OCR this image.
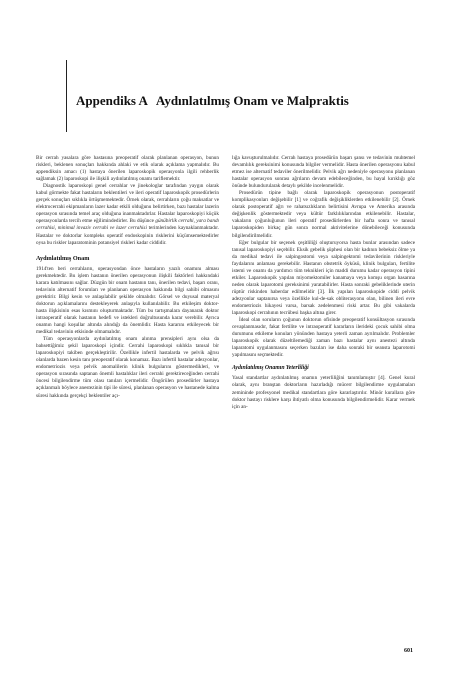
Appendiks A Aydınlatılmış Onam ve Malpraktis

Bir cerrah yasalara göre hastasına preoperatif olarak planlanan operasyon, bunun riskleri, beklenen sonuçları hakkında ahlaki ve etik olarak açıklama yapmalıdır. Bu appendiksin amacı (1) hastaya önerilen laparoskopik operasyonla ilgili rehberlik sağlamak (2) laparoskopi ile ilişkili aydınlatılmış onamı tariflemektir.

Diagnostik laparoskopi genel cerrahlar ve jinekologlar tarafından yaygın olarak kabul görmekte fakat hastaların beklentileri ve ileri operatif laparoskopik prosedürlerin gerçek sonuçları sıklıkla örtüşmemektedir. Örnek olarak, cerrahların çoğu maksatlar ve elektrocerrahi ekipmanların lazer kadar etkili olduğunu belirtirken, bazı hastalar lazerin operasyon sırasında temel araç olduğuna inanmaktadırlar. Hastalar laparoskopiyi küçük operasyonlarda tercih etme eğilimindedirler. Bu düşünce günübirlik cerrahi, yara bandı cerrahisi, minimal invaziv cerrahi ve lazer cerrahisi terimlerinden kaynaklanmaktadır. Hastalar ve doktorlar kompleks operatif endoskopinin risklerini küçümsemektedirler oysa bu riskler laparatominin potansiyel riskleri kadar ciddidir.

Aydınlatılmış Onam

1914'ten beri cerrahların, operasyondan önce hastaların yazılı onamını alması gerekmektedir. Bu işlem hastanın önerilen operasyonun ilişkili faktörleri hakkındaki karara katılmasını sağlar. Düzgün bir onam hastanın tanı, önerilen tedavi, başarı oranı, tedavinin alternatif forumları ve planlanan operasyon hakkında bilgi sahibi olmasını gerektirir. Bilgi kesin ve anlaşılabilir şekilde olmalıdır. Görsel ve duyusal materyal doktorun açıklamalarını destekleyerek anlaşıyla kullanılabilir. Bu etkileşim doktor-hasta ilişkisinin esas kısmını oluşturmaktadır. Tüm bu tartışmalara dayanarak doktor intraoperatif olarak hastanın hedefi ve istekleri doğrultusunda karar verebilir. Ayrıca onamın hangi koşullar altında alındığı da önemlidir. Hasta kararını etkileyecek bir medikal tedavinin etkisinde olmamalıdır.

Tüm operasyonlarda aydınlatılmış onam alınma prensipleri aynı olsa da bahsettiğimiz şekil laparoskopi içindir. Cerrahi laparoskopi sıklıkla tanısal bir laparoskopiyi takiben gerçekleştirilir. Özellikle infertil hastalarda ve pelvik ağrısı olanlarda bazen kesin tanı preoperatif olarak konamaz. Bazı infertil hastalar adezyonlar, endometriozis veya pelvik anomalilerin klinik bulgularını göstermedikleri, ve operasyon sırasında saptanan önemli hastalıklar ileri cerrahi gerektireceğinden cerrahi öncesi bilgilendirme tüm olası tanıları içermelidir. Öngörülen prosedürler hastaya açıklanmalı böylece anestezinin tipi ile süresi, planlanan operasyon ve hastanede kalma süresi hakkında gerçekçi beklentiler açı-

lığa kavuşturulmalıdır. Cerrah hastaya prosedürün başarı şansı ve tedavinin muhtemel devamlılık gereksinimi konusunda bilgiler vermelidir. Hasta önerilen operasyonu kabul etmez ise alternatif tedaviler önerilmelidir. Pelvik ağrı nedeniyle operasyonu planlanan hastalar operasyon sonrası ağrıların devam edebileceğinden, bu hayal kırıklığı göz önünde bulundurularak detaylı şekilde incelenmelidir.

Prosedürün tipine bağlı olarak laparoskopik operasyonun postoperatif komplikasyonları değişebilir [1] ve coğrafik değişikliklerden etkilenebilir [2]. Örnek olarak postoperatif ağrı ve rahatsızlıkların belirtisini Avrupa ve Amerika arasında değişkenlik göstermektedir veya kültür farklılıklarından etkilenebilir. Hastalar, vakaların çoğunluğunun ileri operatif prosedürlerden bir hafta sonra ve tanısal laparoskopiden birkaç gün sonra normal aktivitelerine dönebileceği konusunda bilgilendirilmelidir.

Eğer bulgular bir seçenek çeşitliliği oluşturuyorsa hasta bunlar arasından sadece tanısal laparoskopiyi seçebilir. Eksik gebelik şüphesi olan bir kadının bebeksiz ölme ya da medikal tedavi ile salpingostomi veya salpingektomi tedavilerinin riskleriyle faydalarını anlaması gerekebilir. Hastanın obstetrik öyküsü, klinik bulguları, fertilite istemi ve onamı da yardımcı tüm teknikleri için maddi durumu kadar operasyon tipini etkiler. Laparoskopik yapılan miyomektomiler kanamaya veya komşu organ hasarına neden olarak laparotomi gereksinimi yaratabilirler. Hasta sonraki gebeliklerinde uterin rüptür riskinden haberdar edilmelidir [3]. İlk yapılan laparoskopide ciddi pelvik adezyonlar saptanırsa veya özellikle kul-de-sak obliterasyonu olan, bilinen ileri evre endometriozis hikayesi varsa, barsak zedelenmesi riski artar. Bu gibi vakalarda laparoskopi cerrahının tecrübesi başka altına girer.

İdeal olan soruların çoğunun doktorun ofisinde preoperatif konsültasyon sırasında cevaplanmasıdır, fakat fertilite ve intraoperatif kararların ilerideki çocuk sahibi olma durumunu etkileme konuları yönünden hastaya yeterli zaman ayrılmalıdır. Problemler laparoskopik olarak düzeltilemediği zaman bazı hastalar aynı anestezi altında laparatomi uygulanmasını seçerken bazıları ise daha sonraki bir seansta laparotomi yapılmasını seçmektedir.

Aydınlatılmış Onamın Yeterliliği

Yasal standartlar aydınlatılmış onamın yeterliliğini tanımlamıştır [4]. Genel kural olarak, aynı branştan doktorların hazırladığı mücerr bilgilendirme uygulamaları zemininde profesyonel medikal standartlara göre kararlaştırılır. Minör kurallara göre doktor hastayı risklere karşı ihtiyatlı olma konusunda bilgilendirmelidir. Karar vermek için an-

601
